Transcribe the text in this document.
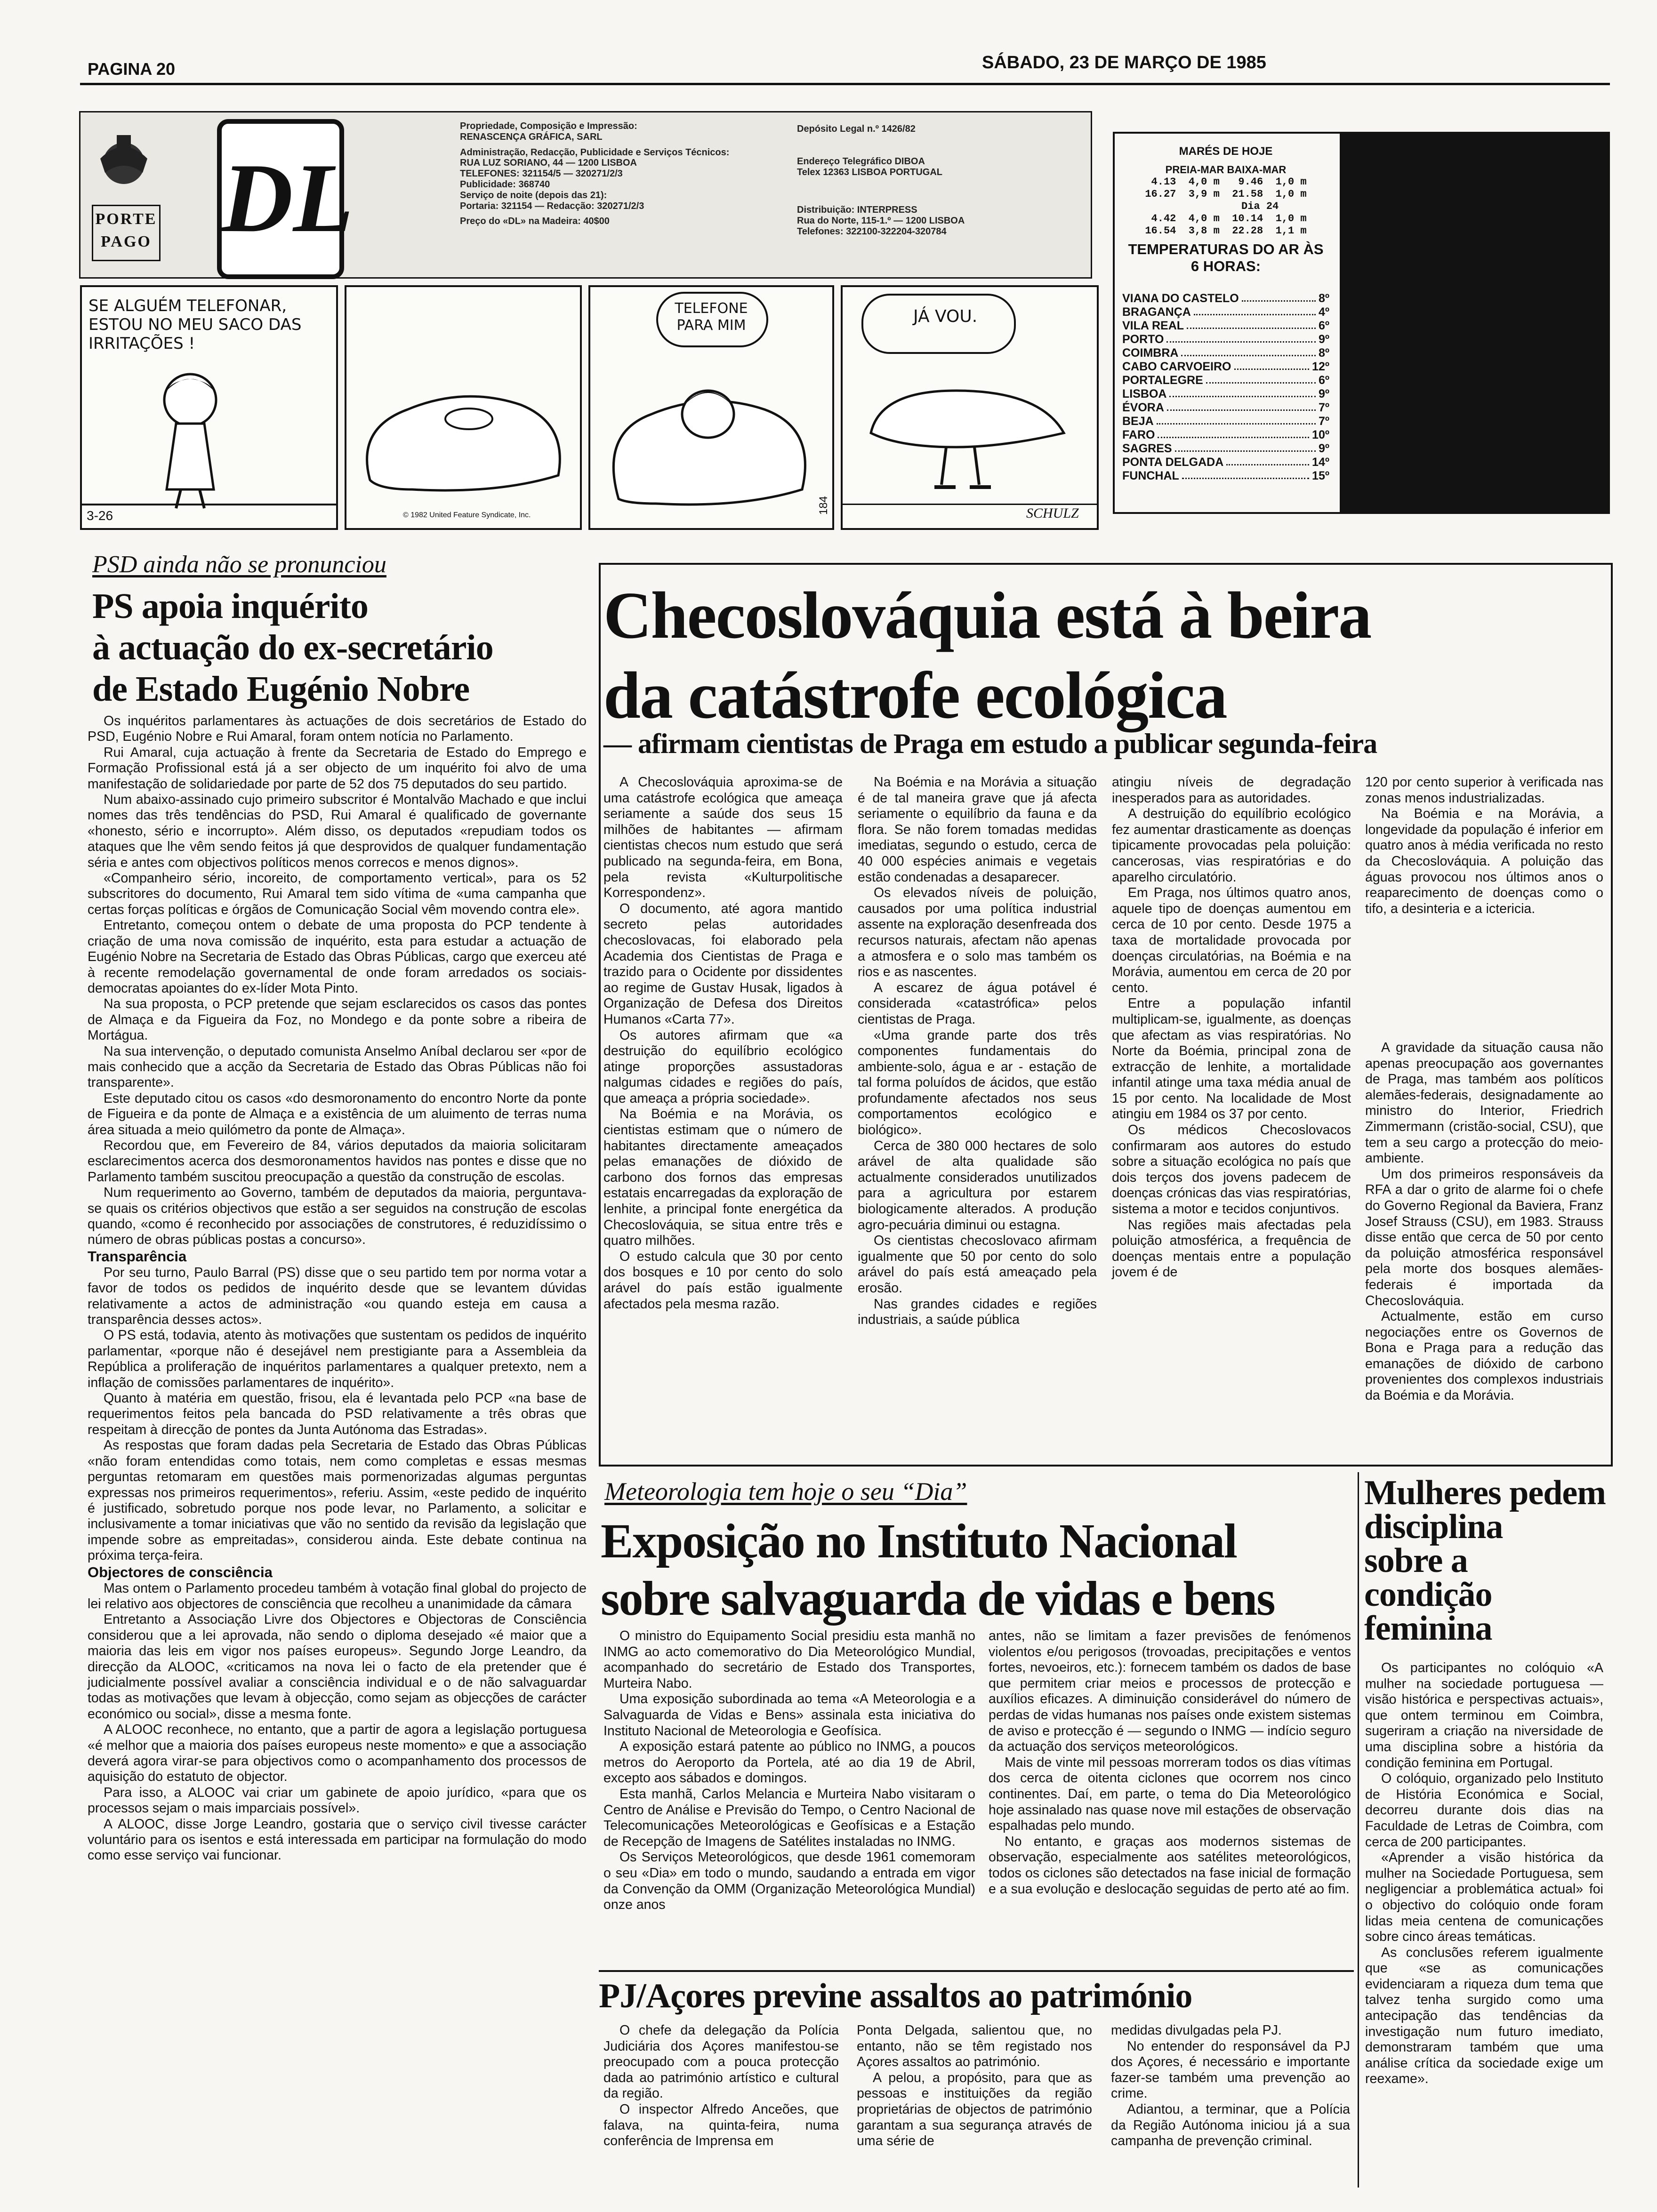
PAGINA 20	SÁBADO, 23 DE MARÇO DE 1985
PORTE PAGO DL
Propriedade, Composição e Impressão:
RENASCENÇA GRÁFICA, SARL
Administração, Redacção, Publicidade e Serviços Técnicos:
RUA LUZ SORIANO, 44 — 1200 LISBOA
TELEFONES: 321154/5 — 320271/2/3
Publicidade: 368740
Serviço de noite (depois das 21):
Portaria: 321154 — Redacção: 320271/2/3
Preço do «DL» na Madeira: 40$00
Depósito Legal n.º 1426/82
Endereço Telegráfico DIBOA
Telex 12363 LISBOA PORTUGAL
Distribuição: INTERPRESS
Rua do Norte, 115-1.º — 1200 LISBOA
Telefones: 322100-322204-320784
MARÉS DE HOJE
PREIA-MAR BAIXA-MAR
4.13  4,0 m   9.46  1,0 m
16.27  3,9 m  21.58  1,0 m
Dia 24
4.42  4,0 m  10.14  1,0 m
16.54  3,8 m  22.28  1,1 m
TEMPERATURAS DO AR ÀS 6 HORAS:
VIANA DO CASTELO	8º
BRAGANÇA	4º
VILA REAL	6º
PORTO	9º
COIMBRA	8º
CABO CARVOEIRO	12º
PORTALEGRE	6º
LISBOA	9º
ÉVORA	7º
BEJA	7º
FARO	10º
SAGRES	9º
PONTA DELGADA	14º
FUNCHAL	15º
SE ALGUÉM TELEFONAR, ESTOU NO MEU SACO DAS IRRITAÇÕES !
3-26	© 1982 United Feature Syndicate, Inc.
TELEFONE PARA MIM
184
JÁ VOU.
SCHULZ
PSD ainda não se pronunciou
PS apoia inquérito
à actuação do ex-secretário
de Estado Eugénio Nobre

Os inquéritos parlamentares às actuações de dois secretários de Estado do PSD, Eugénio Nobre e Rui Amaral, foram ontem notícia no Parlamento.

Rui Amaral, cuja actuação à frente da Secretaria de Estado do Emprego e Formação Profissional está já a ser objecto de um inquérito foi alvo de uma manifestação de solidariedade por parte de 52 dos 75 deputados do seu partido.

Num abaixo-assinado cujo primeiro subscritor é Montalvão Machado e que inclui nomes das três tendências do PSD, Rui Amaral é qualificado de governante «honesto, sério e incorrupto». Além disso, os deputados «repudiam todos os ataques que lhe vêm sendo feitos já que desprovidos de qualquer fundamentação séria e antes com objectivos políticos menos correcos e menos dignos».

«Companheiro sério, incoreito, de comportamento vertical», para os 52 subscritores do documento, Rui Amaral tem sido vítima de «uma campanha que certas forças políticas e órgãos de Comunicação Social vêm movendo contra ele».

Entretanto, começou ontem o debate de uma proposta do PCP tendente à criação de uma nova comissão de inquérito, esta para estudar a actuação de Eugénio Nobre na Secretaria de Estado das Obras Públicas, cargo que exerceu até à recente remodelação governamental de onde foram arredados os sociais-democratas apoiantes do ex-líder Mota Pinto.

Na sua proposta, o PCP pretende que sejam esclarecidos os casos das pontes de Almaça e da Figueira da Foz, no Mondego e da ponte sobre a ribeira de Mortágua.

Na sua intervenção, o deputado comunista Anselmo Aníbal declarou ser «por de mais conhecido que a acção da Secretaria de Estado das Obras Públicas não foi transparente».

Este deputado citou os casos «do desmoronamento do encontro Norte da ponte de Figueira e da ponte de Almaça e a existência de um aluimento de terras numa área situada a meio quilómetro da ponte de Almaça».

Recordou que, em Fevereiro de 84, vários deputados da maioria solicitaram esclarecimentos acerca dos desmoronamentos havidos nas pontes e disse que no Parlamento também suscitou preocupação a questão da construção de escolas.

Num requerimento ao Governo, também de deputados da maioria, perguntava-se quais os critérios objectivos que estão a ser seguidos na construção de escolas quando, «como é reconhecido por associações de construtores, é reduzidíssimo o número de obras públicas postas a concurso».

Transparência

Por seu turno, Paulo Barral (PS) disse que o seu partido tem por norma votar a favor de todos os pedidos de inquérito desde que se levantem dúvidas relativamente a actos de administração «ou quando esteja em causa a transparência desses actos».

O PS está, todavia, atento às motivações que sustentam os pedidos de inquérito parlamentar, «porque não é desejável nem prestigiante para a Assembleia da República a proliferação de inquéritos parlamentares a qualquer pretexto, nem a inflação de comissões parlamentares de inquérito».

Quanto à matéria em questão, frisou, ela é levantada pelo PCP «na base de requerimentos feitos pela bancada do PSD relativamente a três obras que respeitam à direcção de pontes da Junta Autónoma das Estradas».

As respostas que foram dadas pela Secretaria de Estado das Obras Públicas «não foram entendidas como totais, nem como completas e essas mesmas perguntas retomaram em questões mais pormenorizadas algumas perguntas expressas nos primeiros requerimentos», referiu. Assim, «este pedido de inquérito é justificado, sobretudo porque nos pode levar, no Parlamento, a solicitar e inclusivamente a tomar iniciativas que vão no sentido da revisão da legislação que impende sobre as empreitadas», considerou ainda. Este debate continua na próxima terça-feira.

Objectores de consciência

Mas ontem o Parlamento procedeu também à votação final global do projecto de lei relativo aos objectores de consciência que recolheu a unanimidade da câmara

Entretanto a Associação Livre dos Objectores e Objectoras de Consciência considerou que a lei aprovada, não sendo o diploma desejado «é maior que a maioria das leis em vigor nos países europeus». Segundo Jorge Leandro, da direcção da ALOOC, «criticamos na nova lei o facto de ela pretender que é judicialmente possível avaliar a consciência individual e o de não salvaguardar todas as motivações que levam à objecção, como sejam as objecções de carácter económico ou social», disse a mesma fonte.

A ALOOC reconhece, no entanto, que a partir de agora a legislação portuguesa «é melhor que a maioria dos países europeus neste momento» e que a associação deverá agora virar-se para objectivos como o acompanhamento dos processos de aquisição do estatuto de objector.

Para isso, a ALOOC vai criar um gabinete de apoio jurídico, «para que os processos sejam o mais imparciais possível».

A ALOOC, disse Jorge Leandro, gostaria que o serviço civil tivesse carácter voluntário para os isentos e está interessada em participar na formulação do modo como esse serviço vai funcionar.

Checoslováquia está à beira
da catástrofe ecológica
— afirmam cientistas de Praga em estudo a publicar segunda-feira

A Checoslováquia aproxima-se de uma catástrofe ecológica que ameaça seriamente a saúde dos seus 15 milhões de habitantes — afirmam cientistas checos num estudo que será publicado na segunda-feira, em Bona, pela revista «Kulturpolitische Korrespondenz».

O documento, até agora mantido secreto pelas autoridades checoslovacas, foi elaborado pela Academia dos Cientistas de Praga e trazido para o Ocidente por dissidentes ao regime de Gustav Husak, ligados à Organização de Defesa dos Direitos Humanos «Carta 77».

Os autores afirmam que «a destruição do equilíbrio ecológico atinge proporções assustadoras nalgumas cidades e regiões do país, que ameaça a própria sociedade».

Na Boémia e na Morávia, os cientistas estimam que o número de habitantes directamente ameaçados pelas emanações de dióxido de carbono dos fornos das empresas estatais encarregadas da exploração de lenhite, a principal fonte energética da Checoslováquia, se situa entre três e quatro milhões.

O estudo calcula que 30 por cento dos bosques e 10 por cento do solo arável do país estão igualmente afectados pela mesma razão.

Na Boémia e na Morávia a situação é de tal maneira grave que já afecta seriamente o equilíbrio da fauna e da flora. Se não forem tomadas medidas imediatas, segundo o estudo, cerca de 40 000 espécies animais e vegetais estão condenadas a desaparecer.

Os elevados níveis de poluição, causados por uma política industrial assente na exploração desenfreada dos recursos naturais, afectam não apenas a atmosfera e o solo mas também os rios e as nascentes.

A escarez de água potável é considerada «catastrófica» pelos cientistas de Praga.

«Uma grande parte dos três componentes fundamentais do ambiente-solo, água e ar - estação de tal forma poluídos de ácidos, que estão profundamente afectados nos seus comportamentos ecológico e biológico».

Cerca de 380 000 hectares de solo arável de alta qualidade são actualmente considerados unutilizados para a agricultura por estarem biologicamente alterados. A produção agro-pecuária diminui ou estagna.

Os cientistas checoslovaco afirmam igualmente que 50 por cento do solo arável do país está ameaçado pela erosão.

Nas grandes cidades e regiões industriais, a saúde pública

atingiu níveis de degradação inesperados para as autoridades.

A destruição do equilíbrio ecológico fez aumentar drasticamente as doenças tipicamente provocadas pela poluição: cancerosas, vias respiratórias e do aparelho circulatório.

Em Praga, nos últimos quatro anos, aquele tipo de doenças aumentou em cerca de 10 por cento. Desde 1975 a taxa de mortalidade provocada por doenças circulatórias, na Boémia e na Morávia, aumentou em cerca de 20 por cento.

Entre a população infantil multiplicam-se, igualmente, as doenças que afectam as vias respiratórias. No Norte da Boémia, principal zona de extracção de lenhite, a mortalidade infantil atinge uma taxa média anual de 15 por cento. Na localidade de Most atingiu em 1984 os 37 por cento.

Os médicos Checoslovacos confirmaram aos autores do estudo sobre a situação ecológica no país que dois terços dos jovens padecem de doenças crónicas das vias respiratórias, sistema a motor e tecidos conjuntivos.

Nas regiões mais afectadas pela poluição atmosférica, a frequência de doenças mentais entre a população jovem é de

120 por cento superior à verificada nas zonas menos industrializadas.

Na Boémia e na Morávia, a longevidade da população é inferior em quatro anos à média verificada no resto da Checoslováquia. A poluição das águas provocou nos últimos anos o reaparecimento de doenças como o tifo, a desinteria e a ictericia.

A gravidade da situação causa não apenas preocupação aos governantes de Praga, mas também aos políticos alemães-federais, designadamente ao ministro do Interior, Friedrich Zimmermann (cristão-social, CSU), que tem a seu cargo a protecção do meio-ambiente.

Um dos primeiros responsáveis da RFA a dar o grito de alarme foi o chefe do Governo Regional da Baviera, Franz Josef Strauss (CSU), em 1983. Strauss disse então que cerca de 50 por cento da poluição atmosférica responsável pela morte dos bosques alemães-federais é importada da Checoslováquia.

Actualmente, estão em curso negociações entre os Governos de Bona e Praga para a redução das emanações de dióxido de carbono provenientes dos complexos industriais da Boémia e da Morávia.

Meteorologia tem hoje o seu “Dia”
Exposição no Instituto Nacional
sobre salvaguarda de vidas e bens

O ministro do Equipamento Social presidiu esta manhã no INMG ao acto comemorativo do Dia Meteorológico Mundial, acompanhado do secretário de Estado dos Transportes, Murteira Nabo.

Uma exposição subordinada ao tema «A Meteorologia e a Salvaguarda de Vidas e Bens» assinala esta iniciativa do Instituto Nacional de Meteorologia e Geofísica.

A exposição estará patente ao público no INMG, a poucos metros do Aeroporto da Portela, até ao dia 19 de Abril, excepto aos sábados e domingos.

Esta manhã, Carlos Melancia e Murteira Nabo visitaram o Centro de Análise e Previsão do Tempo, o Centro Nacional de Telecomunicações Meteorológicas e Geofísicas e a Estação de Recepção de Imagens de Satélites instaladas no INMG.

Os Serviços Meteorológicos, que desde 1961 comemoram o seu «Dia» em todo o mundo, saudando a entrada em vigor da Convenção da OMM (Organização Meteorológica Mundial) onze anos

antes, não se limitam a fazer previsões de fenómenos violentos e/ou perigosos (trovoadas, precipitações e ventos fortes, nevoeiros, etc.): fornecem também os dados de base que permitem criar meios e processos de protecção e auxílios eficazes. A diminuição considerável do número de perdas de vidas humanas nos países onde existem sistemas de aviso e protecção é — segundo o INMG — indício seguro da actuação dos serviços meteorológicos.

Mais de vinte mil pessoas morreram todos os dias vítimas dos cerca de oitenta ciclones que ocorrem nos cinco continentes. Daí, em parte, o tema do Dia Meteorológico hoje assinalado nas quase nove mil estações de observação espalhadas pelo mundo.

No entanto, e graças aos modernos sistemas de observação, especialmente aos satélites meteorológicos, todos os ciclones são detectados na fase inicial de formação e a sua evolução e deslocação seguidas de perto até ao fim.

Mulheres pedem
disciplina
sobre a
condição
feminina

Os participantes no colóquio «A mulher na sociedade portuguesa — visão histórica e perspectivas actuais», que ontem terminou em Coimbra, sugeriram a criação na niversidade de uma disciplina sobre a história da condição feminina em Portugal.

O colóquio, organizado pelo Instituto de História Económica e Social, decorreu durante dois dias na Faculdade de Letras de Coimbra, com cerca de 200 participantes.

«Aprender a visão histórica da mulher na Sociedade Portuguesa, sem negligenciar a problemática actual» foi o objectivo do colóquio onde foram lidas meia centena de comunicações sobre cinco áreas temáticas.

As conclusões referem igualmente que «se as comunicações evidenciaram a riqueza dum tema que talvez tenha surgido como uma antecipação das tendências da investigação num futuro imediato, demonstraram também que uma análise crítica da sociedade exige um reexame».

PJ/Açores previne assaltos ao património

O chefe da delegação da Polícia Judiciária dos Açores manifestou-se preocupado com a pouca protecção dada ao património artístico e cultural da região.

O inspector Alfredo Anceões, que falava, na quinta-feira, numa conferência de Imprensa em

Ponta Delgada, salientou que, no entanto, não se têm registado nos Açores assaltos ao património.

A pelou, a propósito, para que as pessoas e instituições da região proprietárias de objectos de património garantam a sua segurança através de uma série de

medidas divulgadas pela PJ.

No entender do responsável da PJ dos Açores, é necessário e importante fazer-se também uma prevenção ao crime.

Adiantou, a terminar, que a Polícia da Região Autónoma iniciou já a sua campanha de prevenção criminal.
